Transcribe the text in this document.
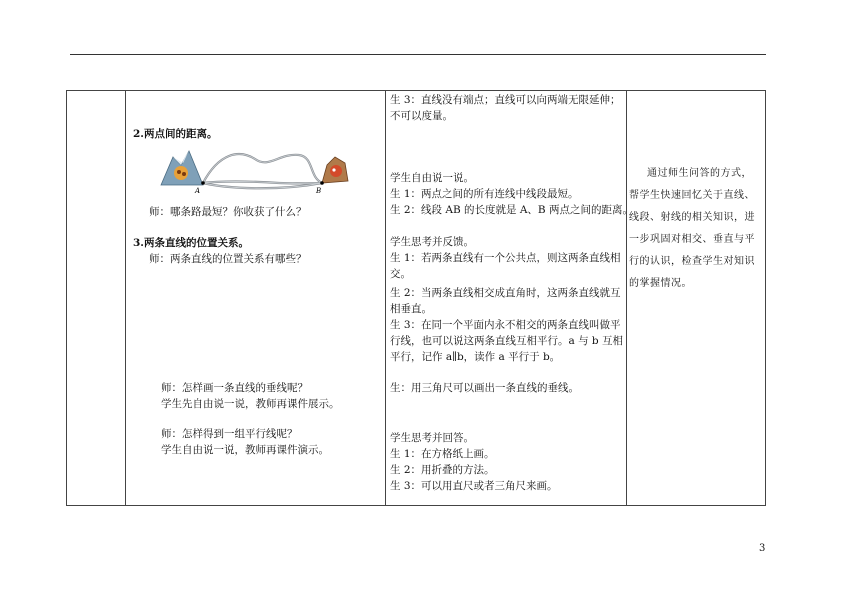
2.两点间的距离。
A	B
师：哪条路最短？你收获了什么？
3.两条直线的位置关系。
师：两条直线的位置关系有哪些？
师：怎样画一条直线的垂线呢？
学生先自由说一说，教师再课件展示。
师：怎样得到一组平行线呢？
学生自由说一说，教师再课件演示。
生 3：直线没有端点；直线可以向两端无限延伸；
不可以度量。
学生自由说一说。
生 1：两点之间的所有连线中线段最短。
生 2：线段 AB 的长度就是 A、B 两点之间的距离。
学生思考并反馈。
生 1：若两条直线有一个公共点，则这两条直线相
交。
生 2：当两条直线相交成直角时，这两条直线就互
相垂直。
生 3：在同一个平面内永不相交的两条直线叫做平
行线，也可以说这两条直线互相平行。a 与 b 互相
平行，记作 a∥b，读作 a 平行于 b。
生：用三角尺可以画出一条直线的垂线。
学生思考并回答。
生 1：在方格纸上画。
生 2：用折叠的方法。
生 3：可以用直尺或者三角尺来画。

通过师生问答的方式，帮学生快速回忆关于直线、线段、射线的相关知识，进一步巩固对相交、垂直与平行的认识，检查学生对知识的掌握情况。

3
